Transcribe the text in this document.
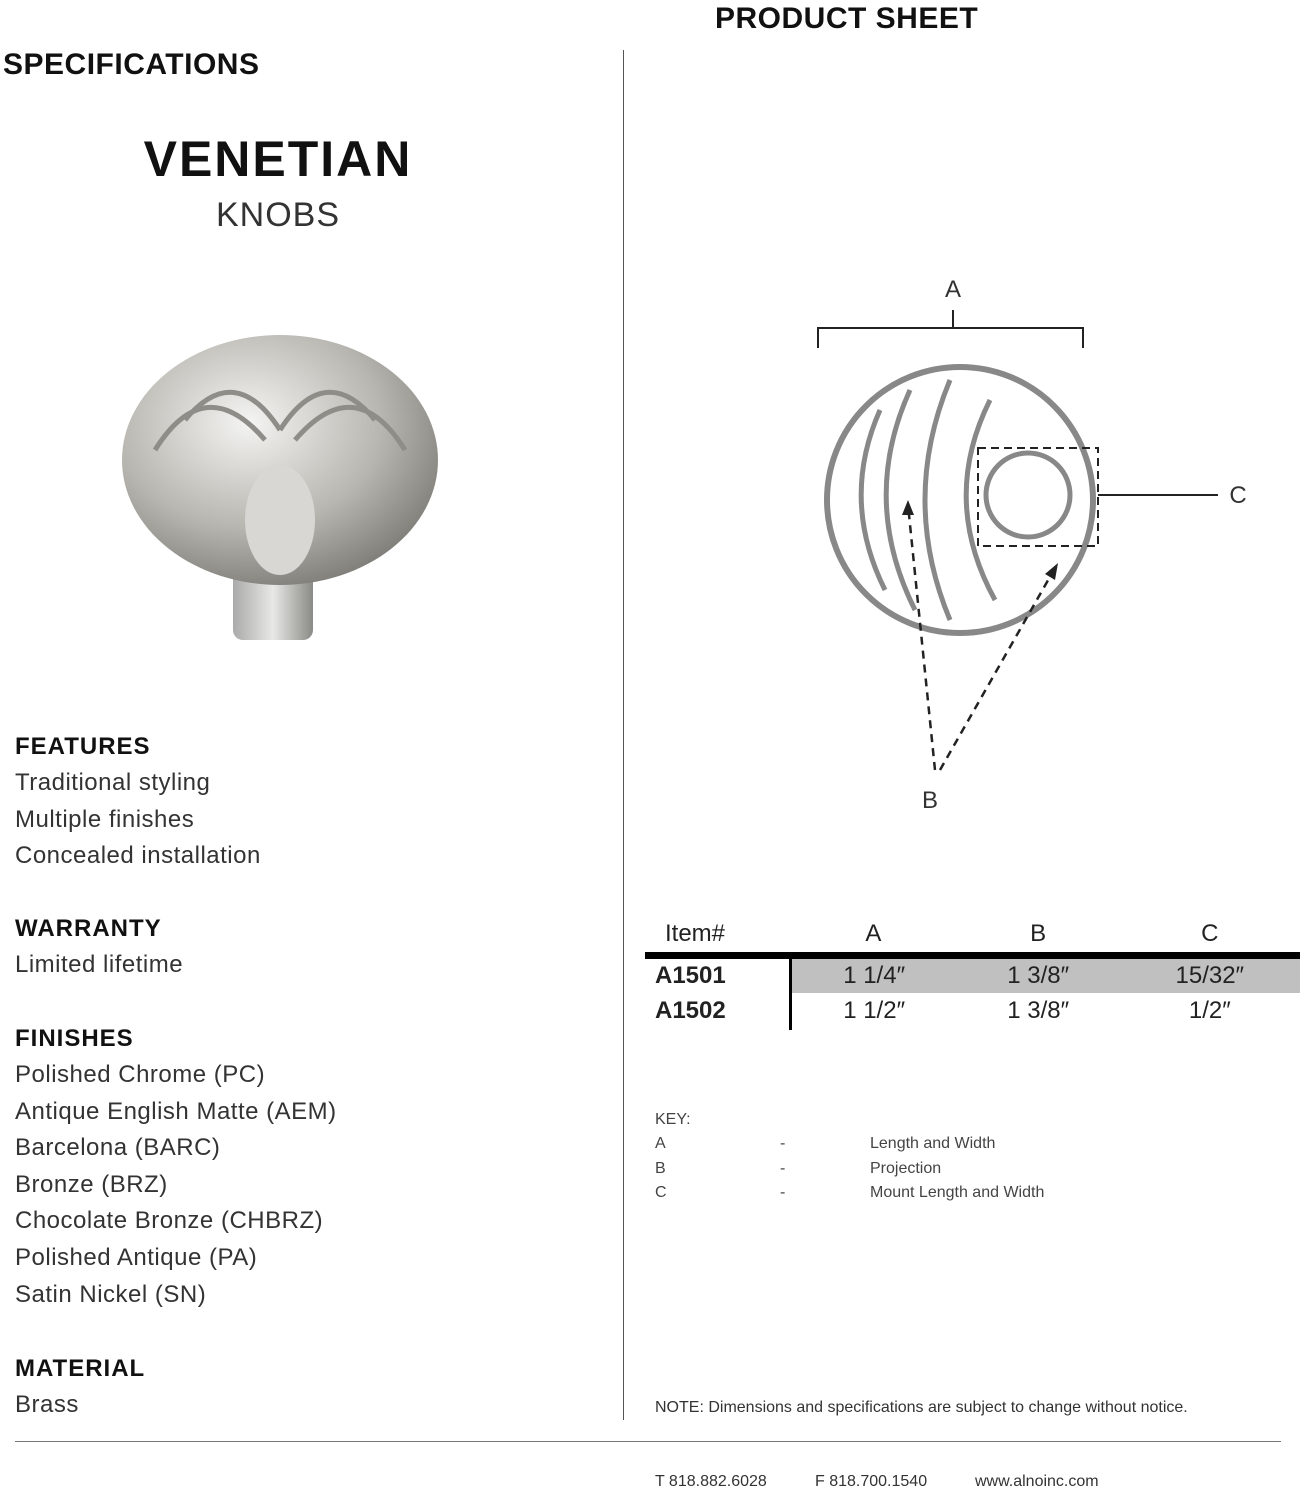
PRODUCT SHEET
SPECIFICATIONS
VENETIAN
KNOBS
FEATURES
Traditional styling
Multiple finishes
Concealed installation
WARRANTY
Limited lifetime
FINISHES
Polished Chrome (PC)
Antique English Matte (AEM)
Barcelona (BARC)
Bronze (BRZ)
Chocolate Bronze (CHBRZ)
Polished Antique (PA)
Satin Nickel (SN)
MATERIAL
Brass
A
C
B
Item#	A	B	C
A1501	1 1/4″	1 3/8″	15/32″
A1502	1 1/2″	1 3/8″	1/2″
KEY:
A	-	Length and Width
B	-	Projection
C	-	Mount Length and Width
NOTE: Dimensions and specifications are subject to change without notice.
T 818.882.6028	F 818.700.1540	www.alnoinc.com
